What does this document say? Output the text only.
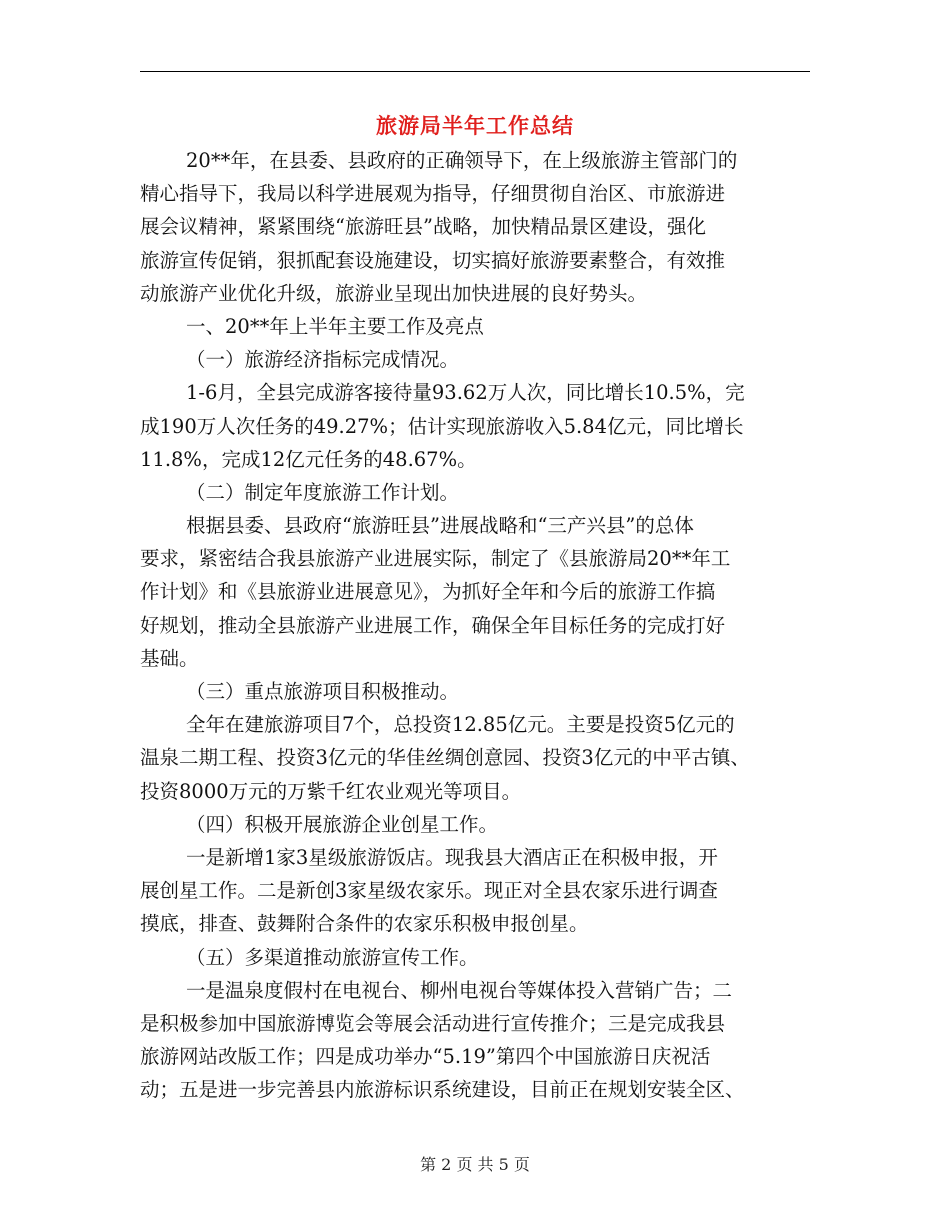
旅游局半年工作总结
20**年，在县委、县政府的正确领导下，在上级旅游主管部门的
精心指导下，我局以科学进展观为指导，仔细贯彻自治区、市旅游进
展会议精神，紧紧围绕“旅游旺县”战略，加快精品景区建设，强化
旅游宣传促销，狠抓配套设施建设，切实搞好旅游要素整合，有效推
动旅游产业优化升级，旅游业呈现出加快进展的良好势头。
一、20**年上半年主要工作及亮点
（一）旅游经济指标完成情况。
1-6月，全县完成游客接待量93.62万人次，同比增长10.5%，完
成190万人次任务的49.27%；估计实现旅游收入5.84亿元，同比增长
11.8%，完成12亿元任务的48.67%。
（二）制定年度旅游工作计划。
根据县委、县政府“旅游旺县”进展战略和“三产兴县”的总体
要求，紧密结合我县旅游产业进展实际，制定了《县旅游局20**年工
作计划》和《县旅游业进展意见》，为抓好全年和今后的旅游工作搞
好规划，推动全县旅游产业进展工作，确保全年目标任务的完成打好
基础。
（三）重点旅游项目积极推动。
全年在建旅游项目7个，总投资12.85亿元。主要是投资5亿元的
温泉二期工程、投资3亿元的华佳丝绸创意园、投资3亿元的中平古镇、
投资8000万元的万紫千红农业观光等项目。
（四）积极开展旅游企业创星工作。
一是新增1家3星级旅游饭店。现我县大酒店正在积极申报，开
展创星工作。二是新创3家星级农家乐。现正对全县农家乐进行调查
摸底，排查、鼓舞附合条件的农家乐积极申报创星。
（五）多渠道推动旅游宣传工作。
一是温泉度假村在电视台、柳州电视台等媒体投入营销广告；二
是积极参加中国旅游博览会等展会活动进行宣传推介；三是完成我县
旅游网站改版工作；四是成功举办“5.19”第四个中国旅游日庆祝活
动；五是进一步完善县内旅游标识系统建设，目前正在规划安装全区、
第 2 页 共 5 页
